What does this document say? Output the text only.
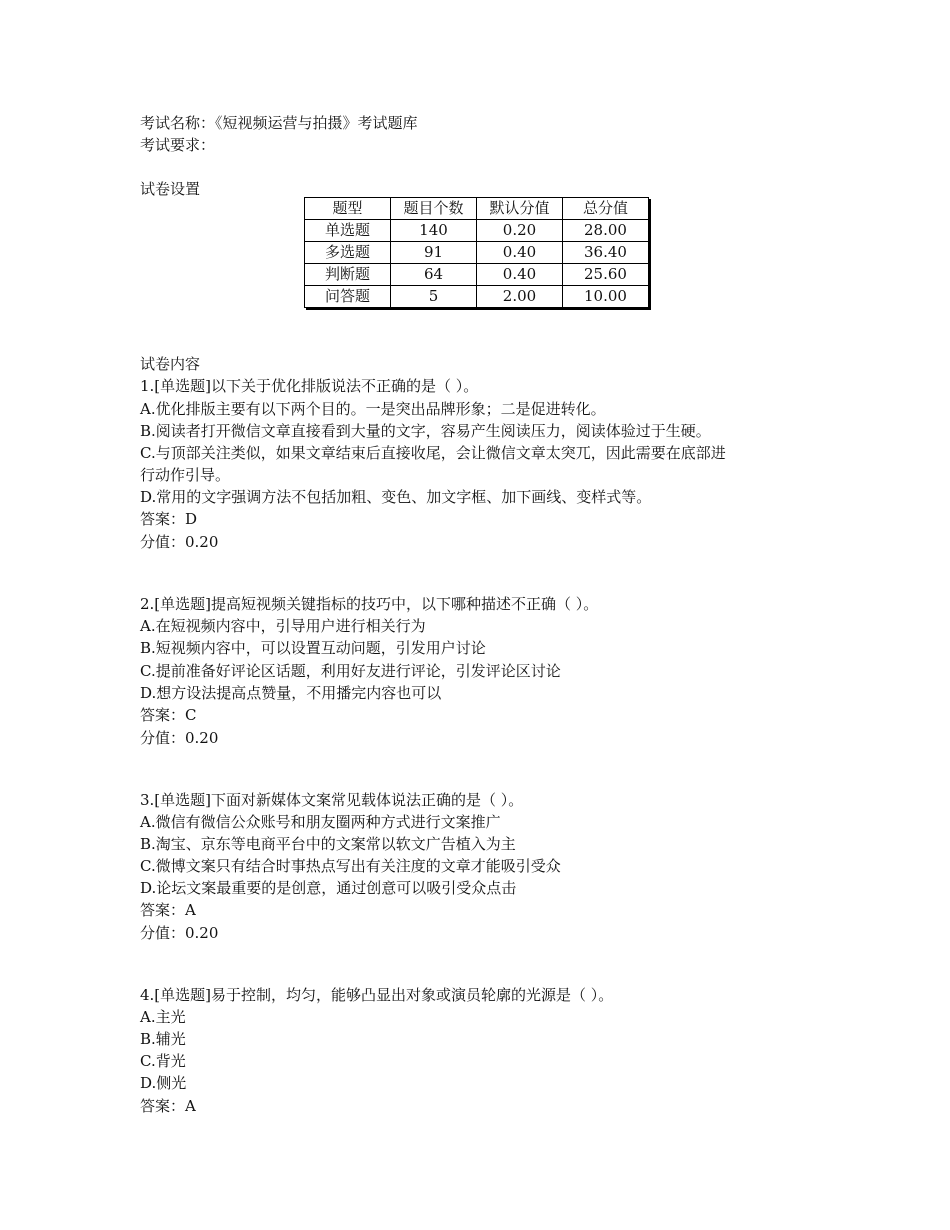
考试名称：《短视频运营与拍摄》考试题库
考试要求：
试卷设置
题型	题目个数	默认分值	总分值
单选题	140	0.20	28.00
多选题	91	0.40	36.40
判断题	64	0.40	25.60
问答题	5	2.00	10.00
试卷内容
1.[单选题]以下关于优化排版说法不正确的是（ ）。
A.优化排版主要有以下两个目的。一是突出品牌形象；二是促进转化。
B.阅读者打开微信文章直接看到大量的文字，容易产生阅读压力，阅读体验过于生硬。
C.与顶部关注类似，如果文章结束后直接收尾，会让微信文章太突兀，因此需要在底部进
行动作引导。
D.常用的文字强调方法不包括加粗、变色、加文字框、加下画线、变样式等。
答案：D
分值：0.20
2.[单选题]提高短视频关键指标的技巧中，以下哪种描述不正确（ ）。
A.在短视频内容中，引导用户进行相关行为
B.短视频内容中，可以设置互动问题，引发用户讨论
C.提前准备好评论区话题，利用好友进行评论，引发评论区讨论
D.想方设法提高点赞量，不用播完内容也可以
答案：C
分值：0.20
3.[单选题]下面对新媒体文案常见载体说法正确的是（ ）。
A.微信有微信公众账号和朋友圈两种方式进行文案推广
B.淘宝、京东等电商平台中的文案常以软文广告植入为主
C.微博文案只有结合时事热点写出有关注度的文章才能吸引受众
D.论坛文案最重要的是创意，通过创意可以吸引受众点击
答案：A
分值：0.20
4.[单选题]易于控制，均匀，能够凸显出对象或演员轮廓的光源是（ ）。
A.主光
B.辅光
C.背光
D.侧光
答案：A
